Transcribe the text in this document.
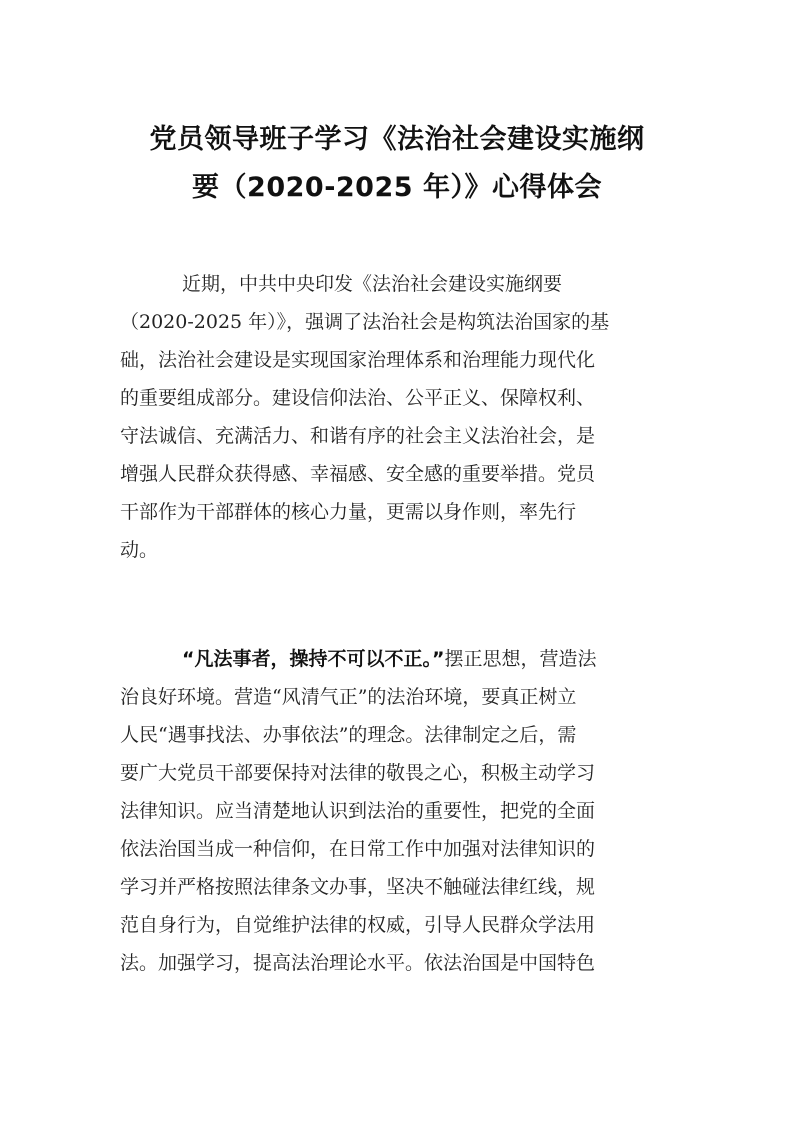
党员领导班子学习《法治社会建设实施纲
要（2020-2025 年）》心得体会
近期，中共中央印发《法治社会建设实施纲要
（2020-2025 年）》，强调了法治社会是构筑法治国家的基
础，法治社会建设是实现国家治理体系和治理能力现代化
的重要组成部分。建设信仰法治、公平正义、保障权利、
守法诚信、充满活力、和谐有序的社会主义法治社会，是
增强人民群众获得感、幸福感、安全感的重要举措。党员
干部作为干部群体的核心力量，更需以身作则，率先行
动。
“凡法事者，操持不可以不正。”摆正思想，营造法
治良好环境。营造“风清气正”的法治环境，要真正树立
人民“遇事找法、办事依法”的理念。法律制定之后，需
要广大党员干部要保持对法律的敬畏之心，积极主动学习
法律知识。应当清楚地认识到法治的重要性，把党的全面
依法治国当成一种信仰，在日常工作中加强对法律知识的
学习并严格按照法律条文办事，坚决不触碰法律红线，规
范自身行为，自觉维护法律的权威，引导人民群众学法用
法。加强学习，提高法治理论水平。依法治国是中国特色
